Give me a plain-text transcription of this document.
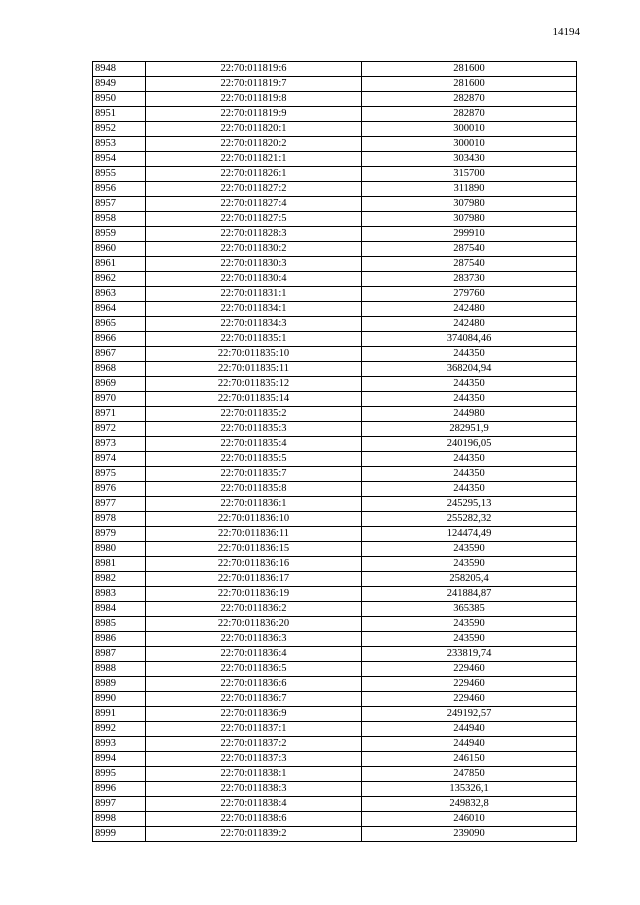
14194
8948	22:70:011819:6	281600
8949	22:70:011819:7	281600
8950	22:70:011819:8	282870
8951	22:70:011819:9	282870
8952	22:70:011820:1	300010
8953	22:70:011820:2	300010
8954	22:70:011821:1	303430
8955	22:70:011826:1	315700
8956	22:70:011827:2	311890
8957	22:70:011827:4	307980
8958	22:70:011827:5	307980
8959	22:70:011828:3	299910
8960	22:70:011830:2	287540
8961	22:70:011830:3	287540
8962	22:70:011830:4	283730
8963	22:70:011831:1	279760
8964	22:70:011834:1	242480
8965	22:70:011834:3	242480
8966	22:70:011835:1	374084,46
8967	22:70:011835:10	244350
8968	22:70:011835:11	368204,94
8969	22:70:011835:12	244350
8970	22:70:011835:14	244350
8971	22:70:011835:2	244980
8972	22:70:011835:3	282951,9
8973	22:70:011835:4	240196,05
8974	22:70:011835:5	244350
8975	22:70:011835:7	244350
8976	22:70:011835:8	244350
8977	22:70:011836:1	245295,13
8978	22:70:011836:10	255282,32
8979	22:70:011836:11	124474,49
8980	22:70:011836:15	243590
8981	22:70:011836:16	243590
8982	22:70:011836:17	258205,4
8983	22:70:011836:19	241884,87
8984	22:70:011836:2	365385
8985	22:70:011836:20	243590
8986	22:70:011836:3	243590
8987	22:70:011836:4	233819,74
8988	22:70:011836:5	229460
8989	22:70:011836:6	229460
8990	22:70:011836:7	229460
8991	22:70:011836:9	249192,57
8992	22:70:011837:1	244940
8993	22:70:011837:2	244940
8994	22:70:011837:3	246150
8995	22:70:011838:1	247850
8996	22:70:011838:3	135326,1
8997	22:70:011838:4	249832,8
8998	22:70:011838:6	246010
8999	22:70:011839:2	239090
